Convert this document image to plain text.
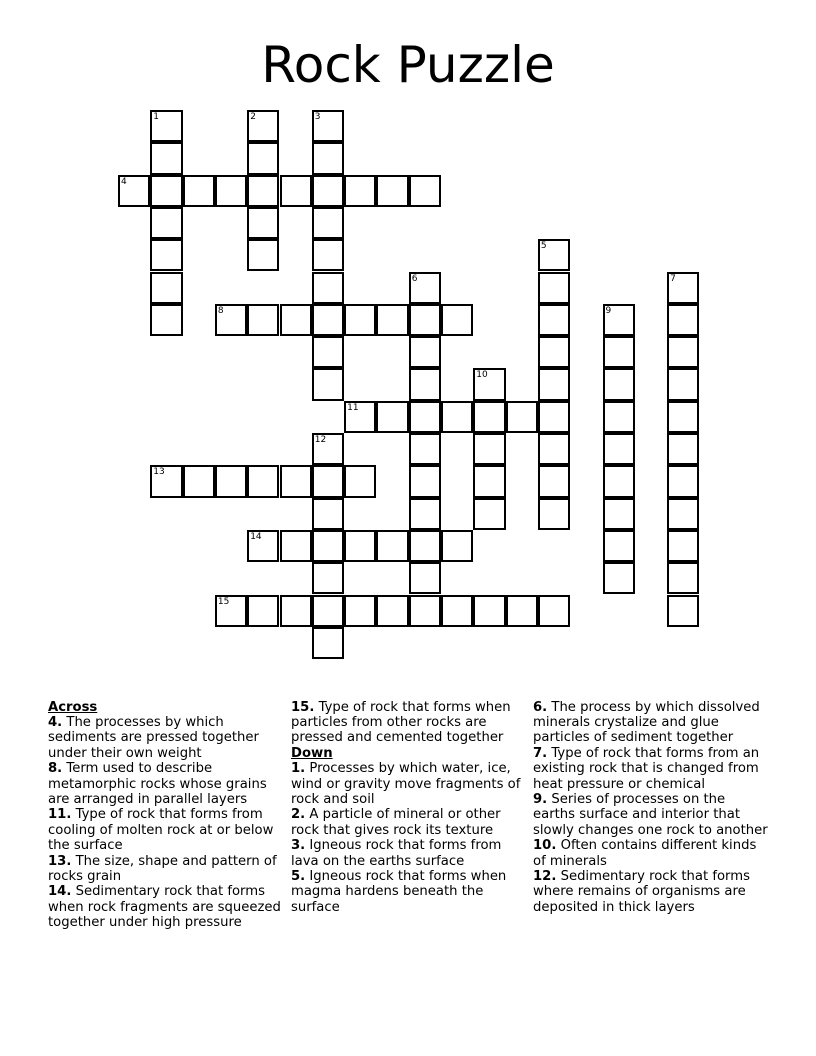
Rock Puzzle
4
8
11
13
14
15
1	2	3
5
6	7
9
10
12
Across
4. The processes by which sediments are pressed together under their own weight
8. Term used to describe metamorphic rocks whose grains are arranged in parallel layers
11. Type of rock that forms from cooling of molten rock at or below the surface
13. The size, shape and pattern of rocks grain
14. Sedimentary rock that forms when rock fragments are squeezed together under high pressure
15. Type of rock that forms when particles from other rocks are pressed and cemented together
Down
1. Processes by which water, ice, wind or gravity move fragments of rock and soil
2. A particle of mineral or other rock that gives rock its texture
3. Igneous rock that forms from lava on the earths surface
5. Igneous rock that forms when magma hardens beneath the surface
6. The process by which dissolved minerals crystalize and glue particles of sediment together
7. Type of rock that forms from an existing rock that is changed from heat pressure or chemical
9. Series of processes on the earths surface and interior that slowly changes one rock to another
10. Often contains different kinds of minerals
12. Sedimentary rock that forms where remains of organisms are deposited in thick layers
